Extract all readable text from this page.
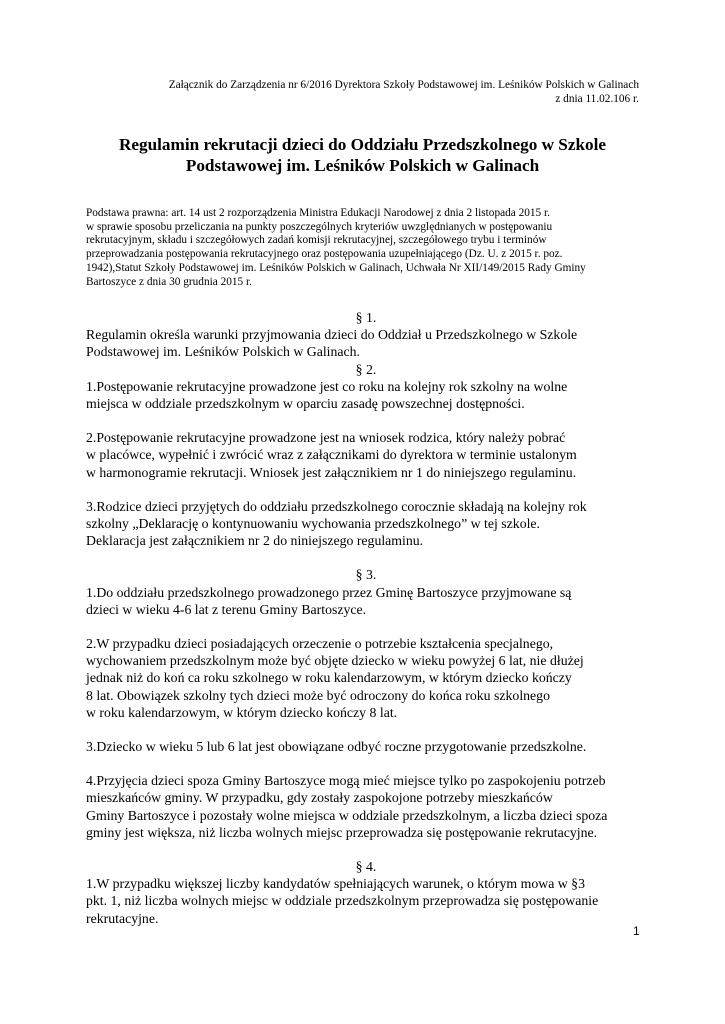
Załącznik do Zarządzenia nr 6/2016 Dyrektora Szkoły Podstawowej im. Leśników Polskich w Galinach
z dnia 11.02.106 r.
Regulamin rekrutacji dzieci do Oddziału Przedszkolnego w Szkole
Podstawowej im. Leśników Polskich w Galinach
Podstawa prawna: art. 14 ust 2 rozporządzenia Ministra Edukacji Narodowej z dnia 2 listopada 2015 r.
w sprawie sposobu przeliczania na punkty poszczególnych kryteriów uwzględnianych w postępowaniu
rekrutacyjnym, składu i szczegółowych zadań komisji rekrutacyjnej, szczegółowego trybu i terminów
przeprowadzania postępowania rekrutacyjnego oraz postępowania uzupełniającego (Dz. U. z 2015 r. poz.
1942),Statut Szkoły Podstawowej im. Leśników Polskich w Galinach, Uchwała Nr XII/149/2015 Rady Gminy
Bartoszyce z dnia 30 grudnia 2015 r.
§ 1.
Regulamin określa warunki przyjmowania dzieci do Oddział u Przedszkolnego w Szkole
Podstawowej im. Leśników Polskich w Galinach.
§ 2.
1.Postępowanie rekrutacyjne prowadzone jest co roku na kolejny rok szkolny na wolne
miejsca w oddziale przedszkolnym w oparciu zasadę powszechnej dostępności.
2.Postępowanie rekrutacyjne prowadzone jest na wniosek rodzica, który należy pobrać
w placówce, wypełnić i zwrócić wraz z załącznikami do dyrektora w terminie ustalonym
w harmonogramie rekrutacji. Wniosek jest załącznikiem nr 1 do niniejszego regulaminu.
3.Rodzice dzieci przyjętych do oddziału przedszkolnego corocznie składają na kolejny rok
szkolny „Deklarację o kontynuowaniu wychowania przedszkolnego” w tej szkole.
Deklaracja jest załącznikiem nr 2 do niniejszego regulaminu.
§ 3.
1.Do oddziału przedszkolnego prowadzonego przez Gminę Bartoszyce przyjmowane są
dzieci w wieku 4-6 lat z terenu Gminy Bartoszyce.
2.W przypadku dzieci posiadających orzeczenie o potrzebie kształcenia specjalnego,
wychowaniem przedszkolnym może być objęte dziecko w wieku powyżej 6 lat, nie dłużej
jednak niż do koń ca roku szkolnego w roku kalendarzowym, w którym dziecko kończy
8 lat. Obowiązek szkolny tych dzieci może być odroczony do końca roku szkolnego
w roku kalendarzowym, w którym dziecko kończy 8 lat.
3.Dziecko w wieku 5 lub 6 lat jest obowiązane odbyć roczne przygotowanie przedszkolne.
4.Przyjęcia dzieci spoza Gminy Bartoszyce mogą mieć miejsce tylko po zaspokojeniu potrzeb
mieszkańców gminy. W przypadku, gdy zostały zaspokojone potrzeby mieszkańców
Gminy Bartoszyce i pozostały wolne miejsca w oddziale przedszkolnym, a liczba dzieci spoza
gminy jest większa, niż liczba wolnych miejsc przeprowadza się postępowanie rekrutacyjne.
§ 4.
1.W przypadku większej liczby kandydatów spełniających warunek, o którym mowa w §3
pkt. 1, niż liczba wolnych miejsc w oddziale przedszkolnym przeprowadza się postępowanie
rekrutacyjne.
1
